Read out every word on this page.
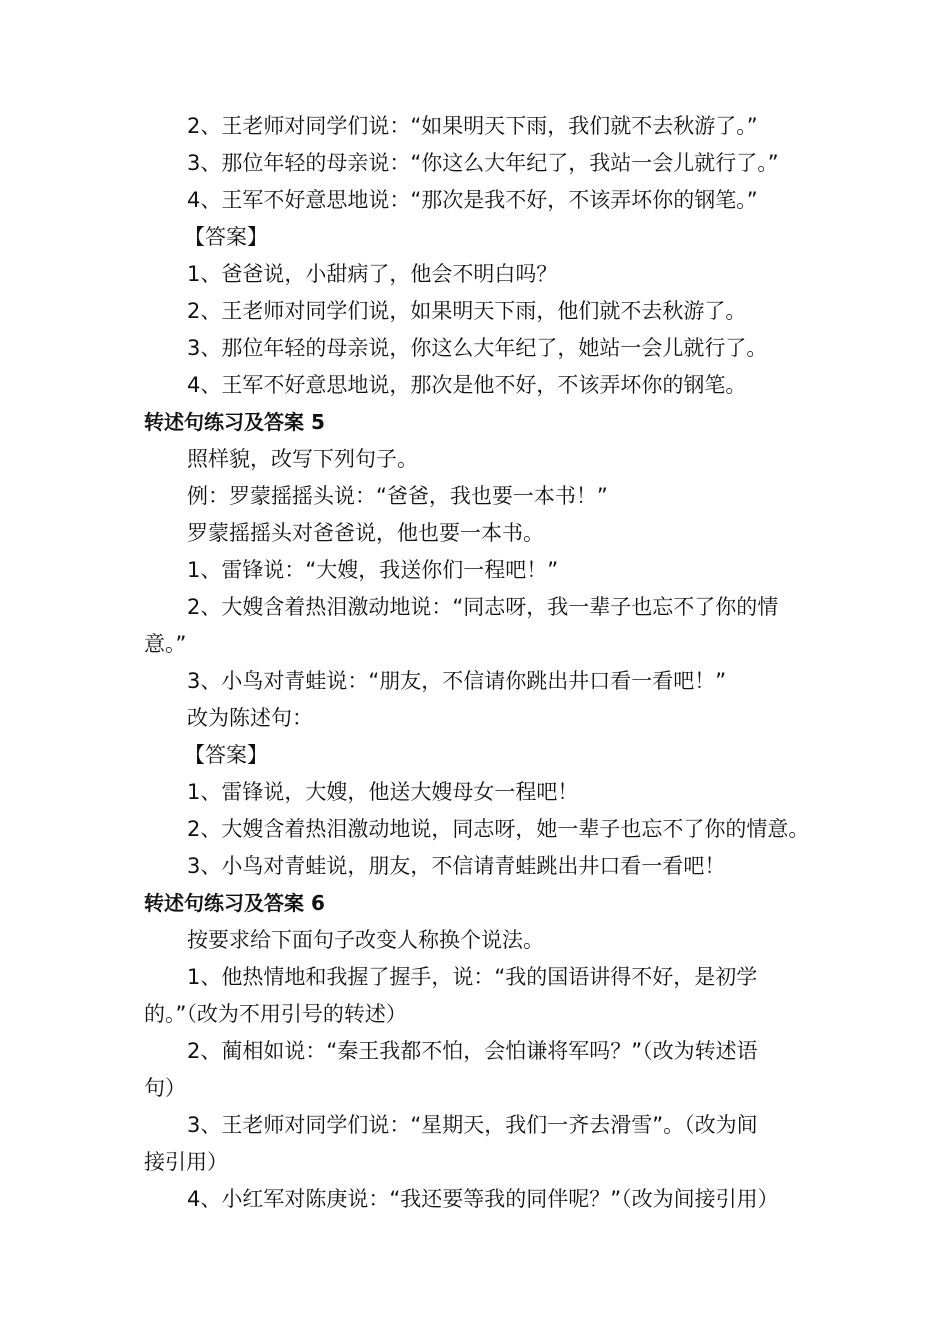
2、王老师对同学们说：“如果明天下雨，我们就不去秋游了。”
3、那位年轻的母亲说：“你这么大年纪了，我站一会儿就行了。”
4、王军不好意思地说：“那次是我不好，不该弄坏你的钢笔。”
【答案】
1、爸爸说，小甜病了，他会不明白吗？
2、王老师对同学们说，如果明天下雨，他们就不去秋游了。
3、那位年轻的母亲说，你这么大年纪了，她站一会儿就行了。
4、王军不好意思地说，那次是他不好，不该弄坏你的钢笔。
转述句练习及答案 5
照样貌，改写下列句子。
例：罗蒙摇摇头说：“爸爸，我也要一本书！”
罗蒙摇摇头对爸爸说，他也要一本书。
1、雷锋说：“大嫂，我送你们一程吧！”
2、大嫂含着热泪激动地说：“同志呀，我一辈子也忘不了你的情
意。”
3、小鸟对青蛙说：“朋友，不信请你跳出井口看一看吧！”
改为陈述句：
【答案】
1、雷锋说，大嫂，他送大嫂母女一程吧！
2、大嫂含着热泪激动地说，同志呀，她一辈子也忘不了你的情意。
3、小鸟对青蛙说，朋友，不信请青蛙跳出井口看一看吧！
转述句练习及答案 6
按要求给下面句子改变人称换个说法。
1、他热情地和我握了握手，说：“我的国语讲得不好，是初学
的。”（改为不用引号的转述）
2、蔺相如说：“秦王我都不怕，会怕谦将军吗？”（改为转述语
句）
3、王老师对同学们说：“星期天，我们一齐去滑雪”。（改为间
接引用）
4、小红军对陈庚说：“我还要等我的同伴呢？”（改为间接引用）
